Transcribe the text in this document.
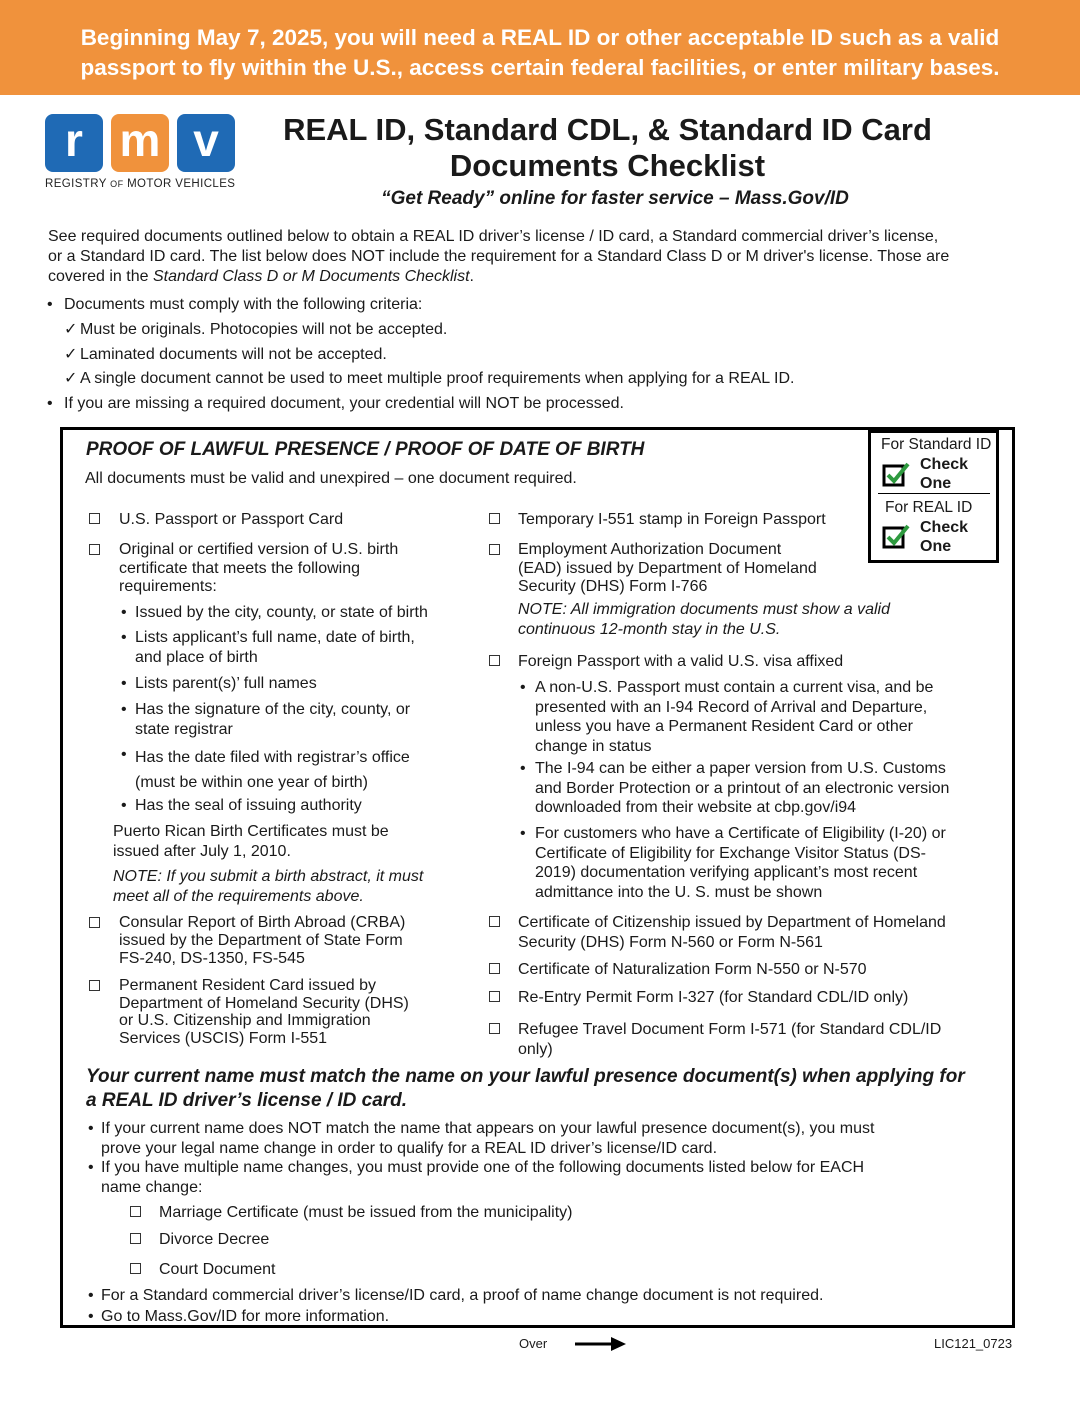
Beginning May 7, 2025, you will need a REAL ID or other acceptable ID such as a valid
passport to fly within the U.S., access certain federal facilities, or enter military bases.
r m v
REGISTRY OF MOTOR VEHICLES
REAL ID, Standard CDL, & Standard ID Card
Documents Checklist
“Get Ready” online for faster service – Mass.Gov/ID
See required documents outlined below to obtain a REAL ID driver’s license / ID card, a Standard commercial driver’s license,
or a Standard ID card. The list below does NOT include the requirement for a Standard Class D or M driver's license. Those are
covered in the Standard Class D or M Documents Checklist.
• Documents must comply with the following criteria:
✓ Must be originals. Photocopies will not be accepted.
✓ Laminated documents will not be accepted.
✓ A single document cannot be used to meet multiple proof requirements when applying for a REAL ID.
• If you are missing a required document, your credential will NOT be processed.
For Standard ID
Check
One
For REAL ID
Check
One
PROOF OF LAWFUL PRESENCE / PROOF OF DATE OF BIRTH
All documents must be valid and unexpired – one document required.
U.S. Passport or Passport Card
Original or certified version of U.S. birth
certificate that meets the following
requirements:
• Issued by the city, county, or state of birth
• Lists applicant’s full name, date of birth,
and place of birth
• Lists parent(s)’ full names
• Has the signature of the city, county, or
state registrar
• Has the date filed with registrar’s office
(must be within one year of birth)
• Has the seal of issuing authority
Puerto Rican Birth Certificates must be
issued after July 1, 2010.
NOTE: If you submit a birth abstract, it must
meet all of the requirements above.
Consular Report of Birth Abroad (CRBA)
issued by the Department of State Form
FS-240, DS-1350, FS-545
Permanent Resident Card issued by
Department of Homeland Security (DHS)
or U.S. Citizenship and Immigration
Services (USCIS) Form I-551
Temporary I-551 stamp in Foreign Passport
Employment Authorization Document
(EAD) issued by Department of Homeland
Security (DHS) Form I-766
NOTE: All immigration documents must show a valid
continuous 12-month stay in the U.S.
Foreign Passport with a valid U.S. visa affixed
• A non-U.S. Passport must contain a current visa, and be
presented with an I-94 Record of Arrival and Departure,
unless you have a Permanent Resident Card or other
change in status
• The I-94 can be either a paper version from U.S. Customs
and Border Protection or a printout of an electronic version
downloaded from their website at cbp.gov/i94
• For customers who have a Certificate of Eligibility (I-20) or
Certificate of Eligibility for Exchange Visitor Status (DS-
2019) documentation verifying applicant’s most recent
admittance into the U. S. must be shown
Certificate of Citizenship issued by Department of Homeland
Security (DHS) Form N-560 or Form N-561
Certificate of Naturalization Form N-550 or N-570
Re-Entry Permit Form I-327 (for Standard CDL/ID only)
Refugee Travel Document Form I-571 (for Standard CDL/ID
only)
Your current name must match the name on your lawful presence document(s) when applying for
a REAL ID driver’s license / ID card.
• If your current name does NOT match the name that appears on your lawful presence document(s), you must
prove your legal name change in order to qualify for a REAL ID driver’s license/ID card.
• If you have multiple name changes, you must provide one of the following documents listed below for EACH
name change:
Marriage Certificate (must be issued from the municipality)
Divorce Decree
Court Document
• For a Standard commercial driver’s license/ID card, a proof of name change document is not required.
• Go to Mass.Gov/ID for more information.
Over	LIC121_0723
